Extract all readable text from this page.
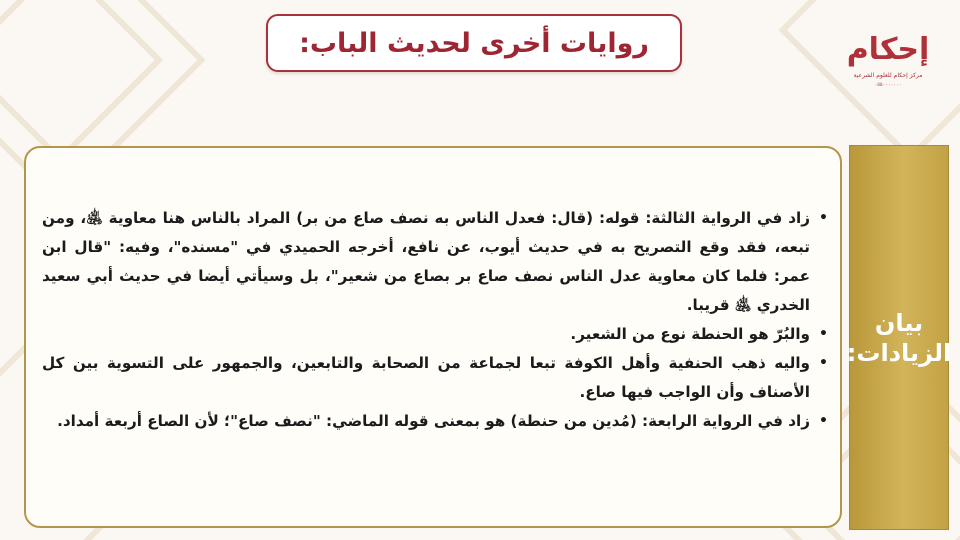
إحكام
مركز إحكام للعلوم الشرعية
٠٥٥٠٠٠٠٠٠٠
روايات أخرى لحديث الباب:
•
زاد في الرواية الثالثة: قوله: (قال: فعدل الناس به نصف صاع من بر) المراد بالناس هنا معاوية ﵁، ومن تبعه، فقد وقع التصريح به في حديث أيوب، عن نافع، أخرجه الحميدي في "مسنده"، وفيه: "قال ابن عمر: فلما كان معاوية عدل الناس نصف صاع بر بصاع من شعير"، بل وسيأتي أيضا في حديث أبي سعيد الخدري ﵁ قريبا.
•
والبُرّ هو الحنطة نوع من الشعير.
•
واليه ذهب الحنفية وأهل الكوفة تبعا لجماعة من الصحابة والتابعين، والجمهور على التسوية بين كل الأصناف وأن الواجب فيها صاع.
•
زاد في الرواية الرابعة: (مُدين من حنطة) هو بمعنى قوله الماضي: "نصف صاع"؛ لأن الصاع أربعة أمداد.
بيان
الزيادات:
